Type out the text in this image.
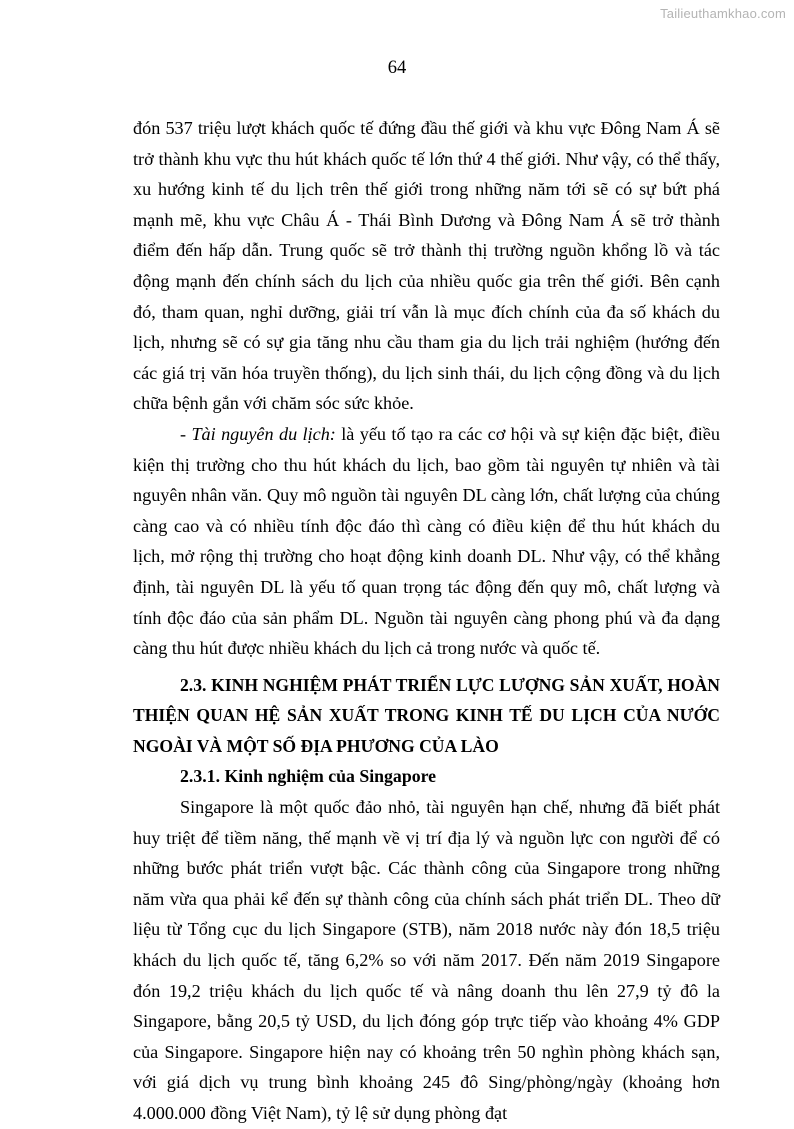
Tailieuthamkhao.com
64

đón 537 triệu lượt khách quốc tế đứng đầu thế giới và khu vực Đông Nam Á sẽ trở thành khu vực thu hút khách quốc tế lớn thứ 4 thế giới. Như vậy, có thể thấy, xu hướng kinh tế du lịch trên thế giới trong những năm tới sẽ có sự bứt phá mạnh mẽ, khu vực Châu Á - Thái Bình Dương và Đông Nam Á sẽ trở thành điểm đến hấp dẫn. Trung quốc sẽ trở thành thị trường nguồn khổng lồ và tác động mạnh đến chính sách du lịch của nhiều quốc gia trên thế giới. Bên cạnh đó, tham quan, nghỉ dưỡng, giải trí vẫn là mục đích chính của đa số khách du lịch, nhưng sẽ có sự gia tăng nhu cầu tham gia du lịch trải nghiệm (hướng đến các giá trị văn hóa truyền thống), du lịch sinh thái, du lịch cộng đồng và du lịch chữa bệnh gắn với chăm sóc sức khỏe.

- Tài nguyên du lịch: là yếu tố tạo ra các cơ hội và sự kiện đặc biệt, điều kiện thị trường cho thu hút khách du lịch, bao gồm tài nguyên tự nhiên và tài nguyên nhân văn. Quy mô nguồn tài nguyên DL càng lớn, chất lượng của chúng càng cao và có nhiều tính độc đáo thì càng có điều kiện để thu hút khách du lịch, mở rộng thị trường cho hoạt động kinh doanh DL. Như vậy, có thể khẳng định, tài nguyên DL là yếu tố quan trọng tác động đến quy mô, chất lượng và tính độc đáo của sản phẩm DL. Nguồn tài nguyên càng phong phú và đa dạng càng thu hút được nhiều khách du lịch cả trong nước và quốc tế.

2.3. KINH NGHIỆM PHÁT TRIỂN LỰC LƯỢNG SẢN XUẤT, HOÀN THIỆN QUAN HỆ SẢN XUẤT TRONG KINH TẾ DU LỊCH CỦA NƯỚC NGOÀI VÀ MỘT SỐ ĐỊA PHƯƠNG CỦA LÀO

2.3.1. Kinh nghiệm của Singapore

Singapore là một quốc đảo nhỏ, tài nguyên hạn chế, nhưng đã biết phát huy triệt để tiềm năng, thế mạnh về vị trí địa lý và nguồn lực con người để có những bước phát triển vượt bậc. Các thành công của Singapore trong những năm vừa qua phải kể đến sự thành công của chính sách phát triển DL. Theo dữ liệu từ Tổng cục du lịch Singapore (STB), năm 2018 nước này đón 18,5 triệu khách du lịch quốc tế, tăng 6,2% so với năm 2017. Đến năm 2019 Singapore đón 19,2 triệu khách du lịch quốc tế và nâng doanh thu lên 27,9 tỷ đô la Singapore, bằng 20,5 tỷ USD, du lịch đóng góp trực tiếp vào khoảng 4% GDP của Singapore. Singapore hiện nay có khoảng trên 50 nghìn phòng khách sạn, với giá dịch vụ trung bình khoảng 245 đô Sing/phòng/ngày (khoảng hơn 4.000.000 đồng Việt Nam), tỷ lệ sử dụng phòng đạt
